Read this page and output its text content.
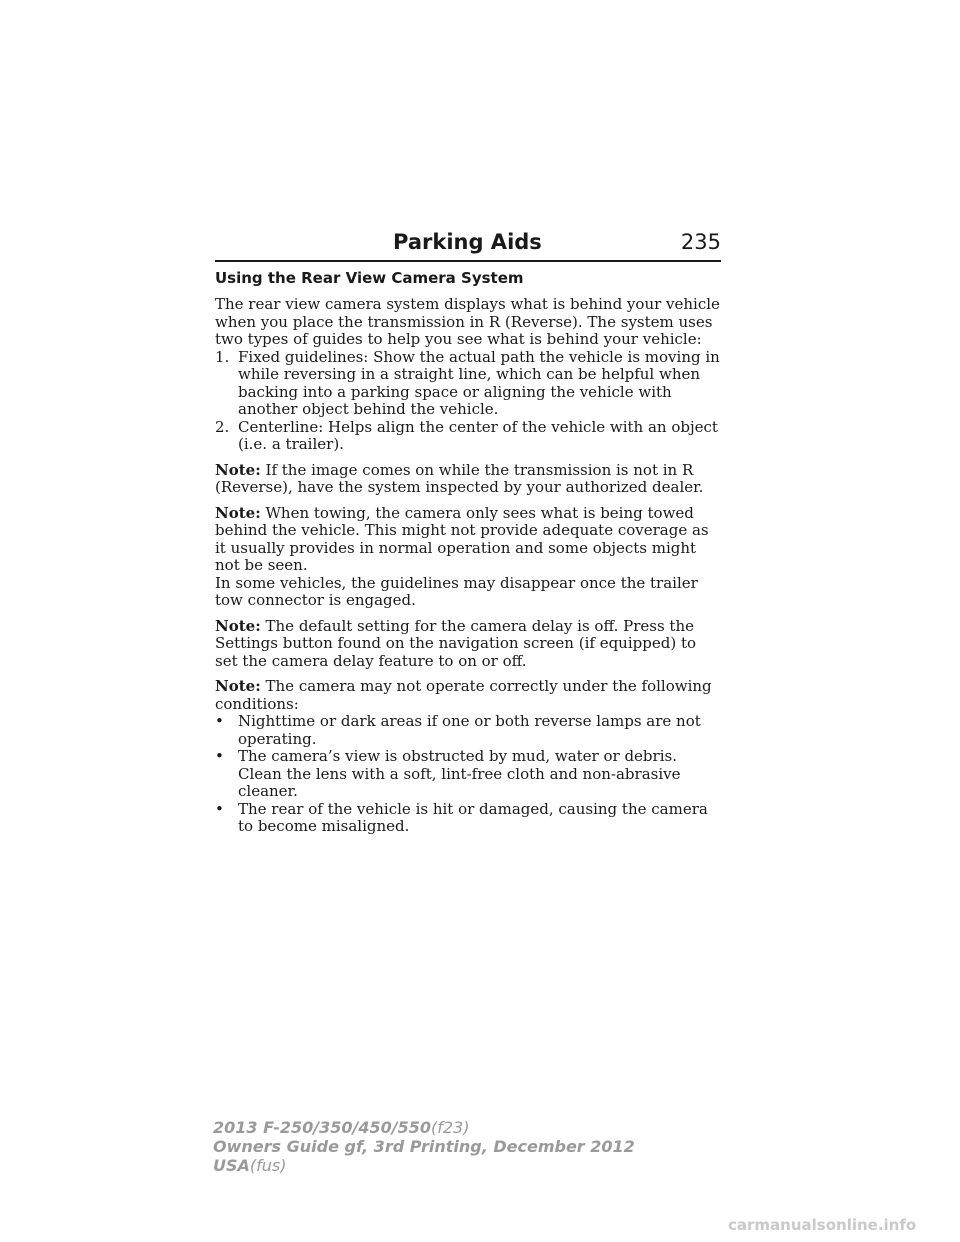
Parking Aids	235
Using the Rear View Camera System

The rear view camera system displays what is behind your vehicle when you place the transmission in R (Reverse). The system uses two types of guides to help you see what is behind your vehicle:

1. Fixed guidelines: Show the actual path the vehicle is moving in while reversing in a straight line, which can be helpful when backing into a parking space or aligning the vehicle with another object behind the vehicle.
2. Centerline: Helps align the center of the vehicle with an object (i.e. a trailer).

Note: If the image comes on while the transmission is not in R (Reverse), have the system inspected by your authorized dealer.

Note: When towing, the camera only sees what is being towed behind the vehicle. This might not provide adequate coverage as it usually provides in normal operation and some objects might not be seen.

In some vehicles, the guidelines may disappear once the trailer tow connector is engaged.

Note: The default setting for the camera delay is off. Press the Settings button found on the navigation screen (if equipped) to set the camera delay feature to on or off.

Note: The camera may not operate correctly under the following conditions:

• Nighttime or dark areas if one or both reverse lamps are not operating.
• The camera’s view is obstructed by mud, water or debris. Clean the lens with a soft, lint-free cloth and non-abrasive cleaner.
• The rear of the vehicle is hit or damaged, causing the camera to become misaligned.
2013 F-250/350/450/550(f23)
Owners Guide gf, 3rd Printing, December 2012
USA(fus)
carmanualsonline.info
